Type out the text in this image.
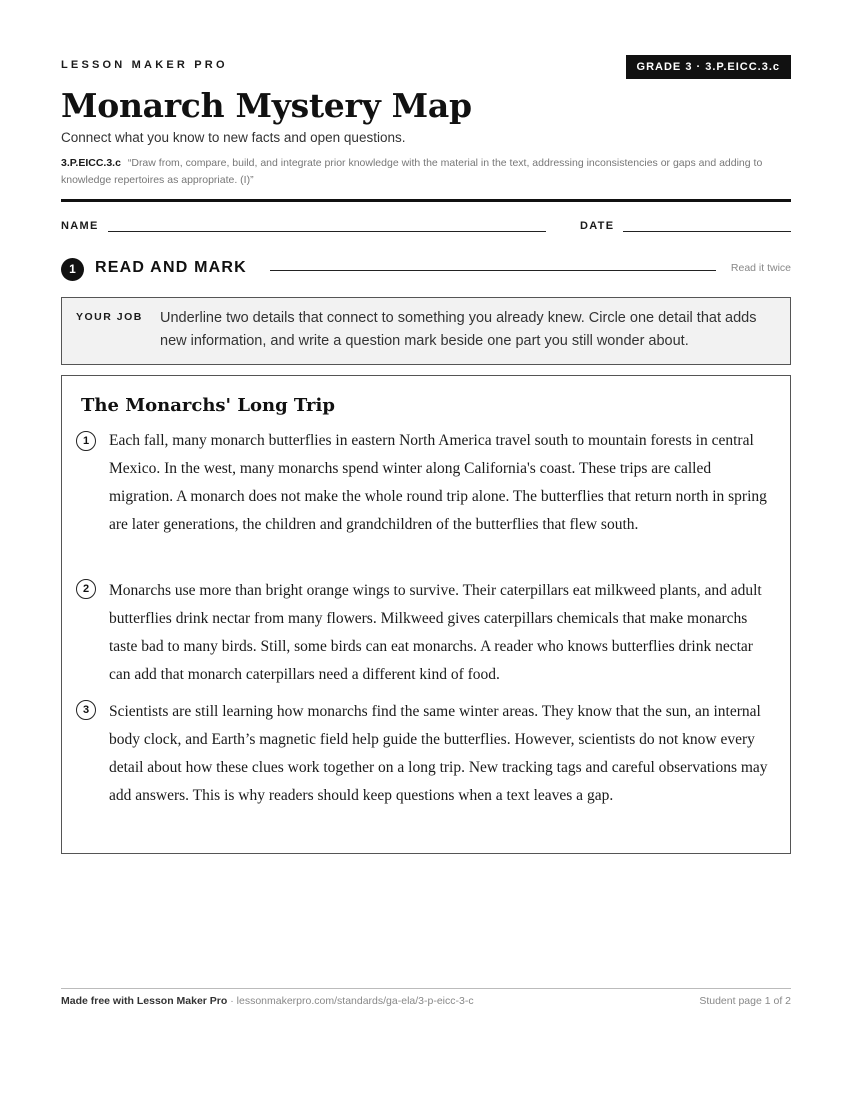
LESSON MAKER PRO	GRADE 3 · 3.P.EICC.3.c
Monarch Mystery Map
Connect what you know to new facts and open questions.
3.P.EICC.3.c “Draw from, compare, build, and integrate prior knowledge with the material in the text, addressing inconsistencies or gaps and adding to knowledge repertoires as appropriate. (I)”
NAME	DATE
1	READ AND MARK	Read it twice
YOUR JOB Underline two details that connect to something you already knew. Circle one detail that adds new information, and write a question mark beside one part you still wonder about.
The Monarchs' Long Trip
1	Each fall, many monarch butterflies in eastern North America travel south to mountain forests in central Mexico. In the west, many monarchs spend winter along California's coast. These trips are called migration. A monarch does not make the whole round trip alone. The butterflies that return north in spring are later generations, the children and grandchildren of the butterflies that flew south.
2	Monarchs use more than bright orange wings to survive. Their caterpillars eat milkweed plants, and adult butterflies drink nectar from many flowers. Milkweed gives caterpillars chemicals that make monarchs taste bad to many birds. Still, some birds can eat monarchs. A reader who knows butterflies drink nectar can add that monarch caterpillars need a different kind of food.
3	Scientists are still learning how monarchs find the same winter areas. They know that the sun, an internal body clock, and Earth’s magnetic field help guide the butterflies. However, scientists do not know every detail about how these clues work together on a long trip. New tracking tags and careful observations may add answers. This is why readers should keep questions when a text leaves a gap.
Made free with Lesson Maker Pro · lessonmakerpro.com/standards/ga-ela/3-p-eicc-3-c	Student page 1 of 2
